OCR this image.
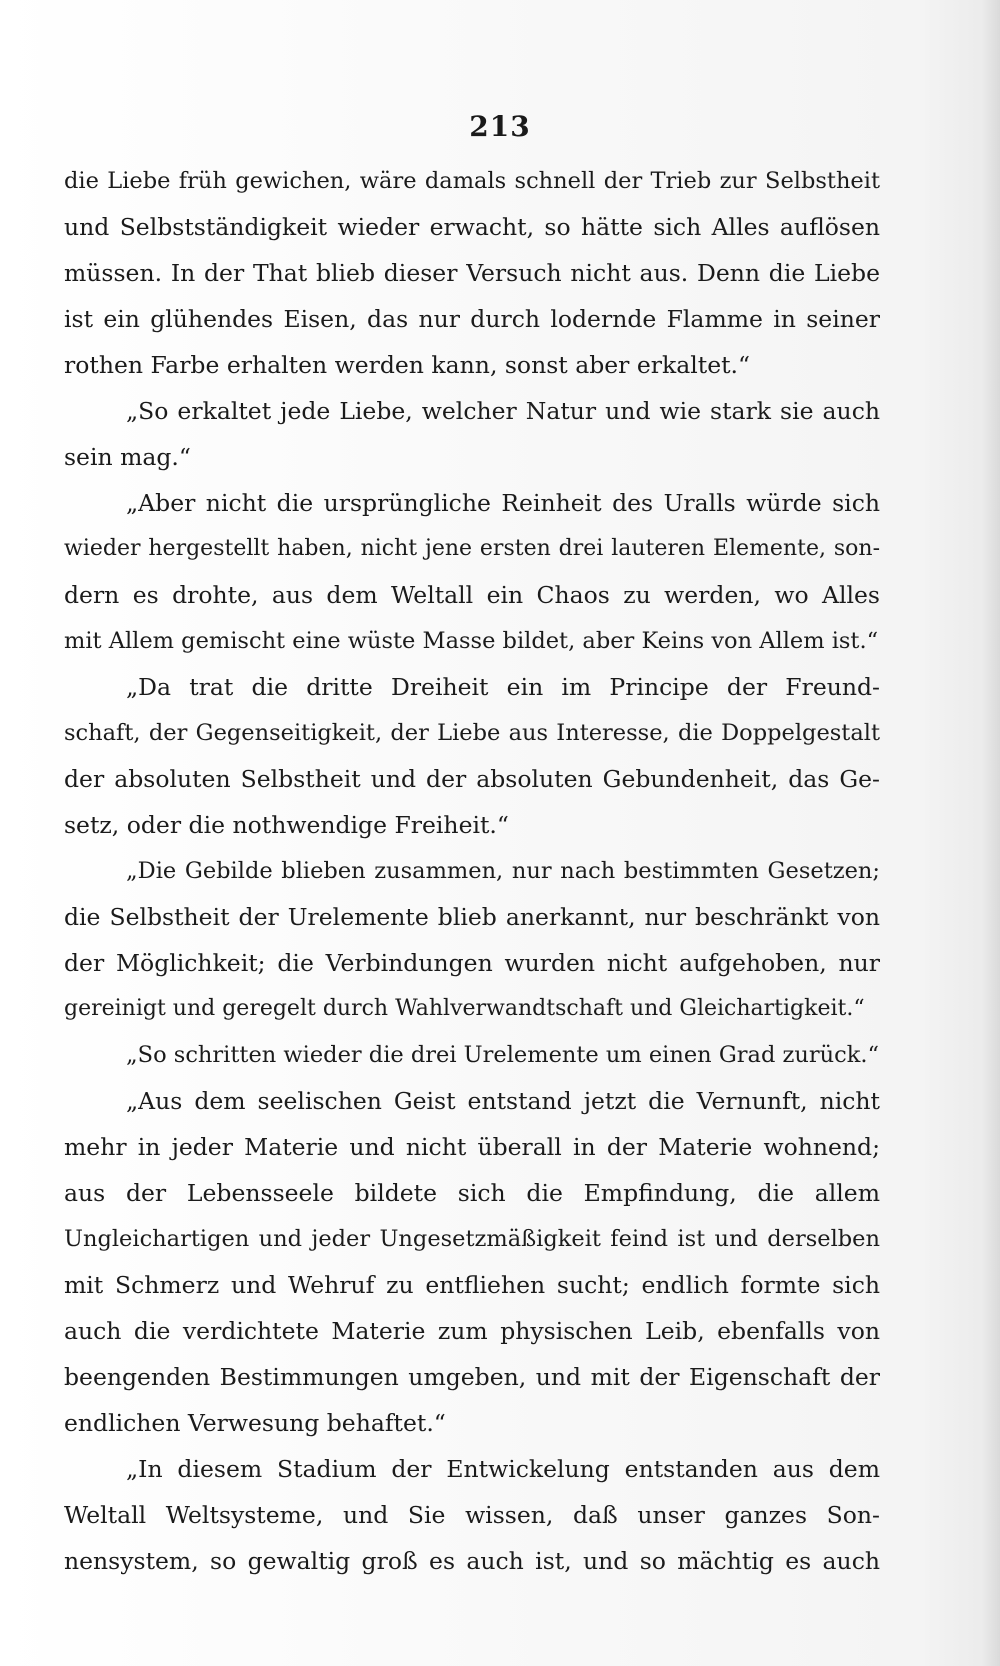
213
die Liebe früh gewichen, wäre damals schnell der Trieb zur Selbstheit
und Selbstständigkeit wieder erwacht, so hätte sich Alles auflösen
müssen. In der That blieb dieser Versuch nicht aus. Denn die Liebe
ist ein glühendes Eisen, das nur durch lodernde Flamme in seiner
rothen Farbe erhalten werden kann, sonst aber erkaltet.“
„So erkaltet jede Liebe, welcher Natur und wie stark sie auch
sein mag.“
„Aber nicht die ursprüngliche Reinheit des Uralls würde sich
wieder hergestellt haben, nicht jene ersten drei lauteren Elemente, son-
dern es drohte, aus dem Weltall ein Chaos zu werden, wo Alles
mit Allem gemischt eine wüste Masse bildet, aber Keins von Allem ist.“
„Da trat die dritte Dreiheit ein im Principe der Freund-
schaft, der Gegenseitigkeit, der Liebe aus Interesse, die Doppelgestalt
der absoluten Selbstheit und der absoluten Gebundenheit, das Ge-
setz, oder die nothwendige Freiheit.“
„Die Gebilde blieben zusammen, nur nach bestimmten Gesetzen;
die Selbstheit der Urelemente blieb anerkannt, nur beschränkt von
der Möglichkeit; die Verbindungen wurden nicht aufgehoben, nur
gereinigt und geregelt durch Wahlverwandtschaft und Gleichartigkeit.“
„So schritten wieder die drei Urelemente um einen Grad zurück.“
„Aus dem seelischen Geist entstand jetzt die Vernunft, nicht
mehr in jeder Materie und nicht überall in der Materie wohnend;
aus der Lebensseele bildete sich die Empfindung, die allem
Ungleichartigen und jeder Ungesetzmäßigkeit feind ist und derselben
mit Schmerz und Wehruf zu entfliehen sucht; endlich formte sich
auch die verdichtete Materie zum physischen Leib, ebenfalls von
beengenden Bestimmungen umgeben, und mit der Eigenschaft der
endlichen Verwesung behaftet.“
„In diesem Stadium der Entwickelung entstanden aus dem
Weltall Weltsysteme, und Sie wissen, daß unser ganzes Son-
nensystem, so gewaltig groß es auch ist, und so mächtig es auch
